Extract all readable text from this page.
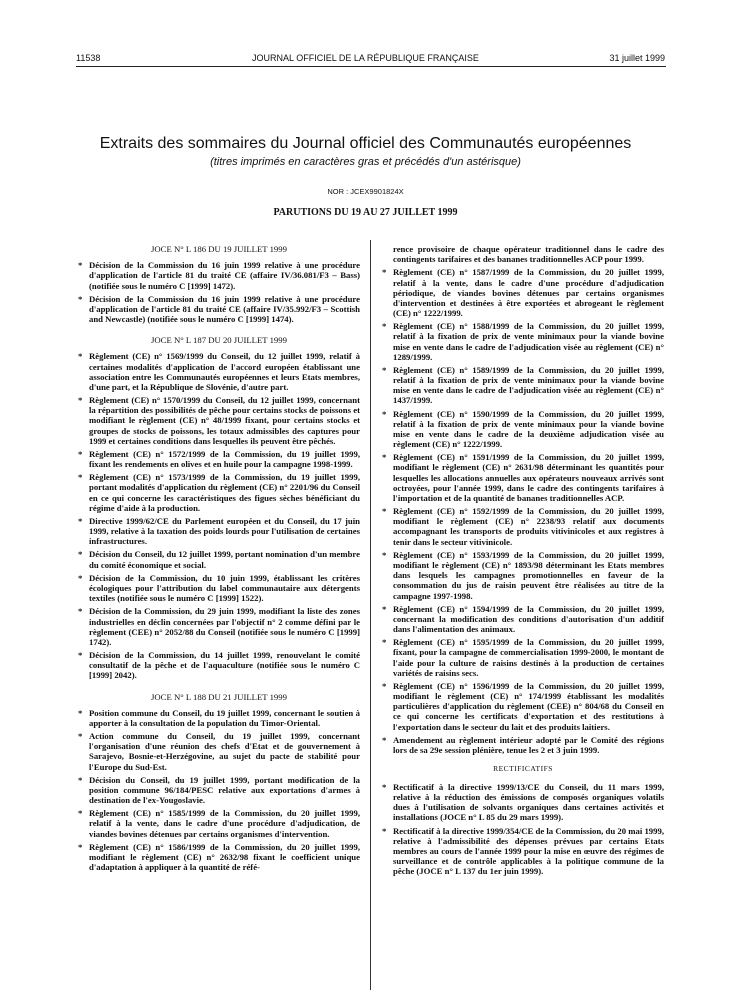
11538	JOURNAL OFFICIEL DE LA RÉPUBLIQUE FRANÇAISE	31 juillet 1999
Extraits des sommaires du Journal officiel des Communautés européennes
(titres imprimés en caractères gras et précédés d'un astérisque)
NOR : JCEX9901824X
PARUTIONS DU 19 AU 27 JUILLET 1999
JOCE N° L 186 DU 19 JUILLET 1999
* Décision de la Commission du 16 juin 1999 relative à une procédure d'application de l'article 81 du traité CE (affaire IV/36.081/F3 – Bass) (notifiée sous le numéro C [1999] 1472).
* Décision de la Commission du 16 juin 1999 relative à une procédure d'application de l'article 81 du traité CE (affaire IV/35.992/F3 – Scottish and Newcastle) (notifiée sous le numéro C [1999] 1474).
JOCE N° L 187 DU 20 JUILLET 1999
* Règlement (CE) n° 1569/1999 du Conseil, du 12 juillet 1999, relatif à certaines modalités d'application de l'accord européen établissant une association entre les Communautés européennes et leurs Etats membres, d'une part, et la République de Slovénie, d'autre part.
* Règlement (CE) n° 1570/1999 du Conseil, du 12 juillet 1999, concernant la répartition des possibilités de pêche pour certains stocks de poissons et modifiant le règlement (CE) n° 48/1999 fixant, pour certains stocks et groupes de stocks de poissons, les totaux admissibles des captures pour 1999 et certaines conditions dans lesquelles ils peuvent être pêchés.
* Règlement (CE) n° 1572/1999 de la Commission, du 19 juillet 1999, fixant les rendements en olives et en huile pour la campagne 1998-1999.
* Règlement (CE) n° 1573/1999 de la Commission, du 19 juillet 1999, portant modalités d'application du règlement (CE) n° 2201/96 du Conseil en ce qui concerne les caractéristiques des figues sèches bénéficiant du régime d'aide à la production.
* Directive 1999/62/CE du Parlement européen et du Conseil, du 17 juin 1999, relative à la taxation des poids lourds pour l'utilisation de certaines infrastructures.
* Décision du Conseil, du 12 juillet 1999, portant nomination d'un membre du comité économique et social.
* Décision de la Commission, du 10 juin 1999, établissant les critères écologiques pour l'attribution du label communautaire aux détergents textiles (notifiée sous le numéro C [1999] 1522).
* Décision de la Commission, du 29 juin 1999, modifiant la liste des zones industrielles en déclin concernées par l'objectif n° 2 comme défini par le règlement (CEE) n° 2052/88 du Conseil (notifiée sous le numéro C [1999] 1742).
* Décision de la Commission, du 14 juillet 1999, renouvelant le comité consultatif de la pêche et de l'aquaculture (notifiée sous le numéro C [1999] 2042).
JOCE N° L 188 DU 21 JUILLET 1999
* Position commune du Conseil, du 19 juillet 1999, concernant le soutien à apporter à la consultation de la population du Timor-Oriental.
* Action commune du Conseil, du 19 juillet 1999, concernant l'organisation d'une réunion des chefs d'Etat et de gouvernement à Sarajevo, Bosnie-et-Herzégovine, au sujet du pacte de stabilité pour l'Europe du Sud-Est.
* Décision du Conseil, du 19 juillet 1999, portant modification de la position commune 96/184/PESC relative aux exportations d'armes à destination de l'ex-Yougoslavie.
* Règlement (CE) n° 1585/1999 de la Commission, du 20 juillet 1999, relatif à la vente, dans le cadre d'une procédure d'adjudication, de viandes bovines détenues par certains organismes d'intervention.
* Règlement (CE) n° 1586/1999 de la Commission, du 20 juillet 1999, modifiant le règlement (CE) n° 2632/98 fixant le coefficient unique d'adaptation à appliquer à la quantité de réfé-
rence provisoire de chaque opérateur traditionnel dans le cadre des contingents tarifaires et des bananes traditionnelles ACP pour 1999.
* Règlement (CE) n° 1587/1999 de la Commission, du 20 juillet 1999, relatif à la vente, dans le cadre d'une procédure d'adjudication périodique, de viandes bovines détenues par certains organismes d'intervention et destinées à être exportées et abrogeant le règlement (CE) n° 1222/1999.
* Règlement (CE) n° 1588/1999 de la Commission, du 20 juillet 1999, relatif à la fixation de prix de vente minimaux pour la viande bovine mise en vente dans le cadre de l'adjudication visée au règlement (CE) n° 1289/1999.
* Règlement (CE) n° 1589/1999 de la Commission, du 20 juillet 1999, relatif à la fixation de prix de vente minimaux pour la viande bovine mise en vente dans le cadre de l'adjudication visée au règlement (CE) n° 1437/1999.
* Règlement (CE) n° 1590/1999 de la Commission, du 20 juillet 1999, relatif à la fixation de prix de vente minimaux pour la viande bovine mise en vente dans le cadre de la deuxième adjudication visée au règlement (CE) n° 1222/1999.
* Règlement (CE) n° 1591/1999 de la Commission, du 20 juillet 1999, modifiant le règlement (CE) n° 2631/98 déterminant les quantités pour lesquelles les allocations annuelles aux opérateurs nouveaux arrivés sont octroyées, pour l'année 1999, dans le cadre des contingents tarifaires à l'importation et de la quantité de bananes traditionnelles ACP.
* Règlement (CE) n° 1592/1999 de la Commission, du 20 juillet 1999, modifiant le règlement (CE) n° 2238/93 relatif aux documents accompagnant les transports de produits vitivinicoles et aux registres à tenir dans le secteur vitivinicole.
* Règlement (CE) n° 1593/1999 de la Commission, du 20 juillet 1999, modifiant le règlement (CE) n° 1893/98 déterminant les Etats membres dans lesquels les campagnes promotionnelles en faveur de la consommation du jus de raisin peuvent être réalisées au titre de la campagne 1997-1998.
* Règlement (CE) n° 1594/1999 de la Commission, du 20 juillet 1999, concernant la modification des conditions d'autorisation d'un additif dans l'alimentation des animaux.
* Règlement (CE) n° 1595/1999 de la Commission, du 20 juillet 1999, fixant, pour la campagne de commercialisation 1999-2000, le montant de l'aide pour la culture de raisins destinés à la production de certaines variétés de raisins secs.
* Règlement (CE) n° 1596/1999 de la Commission, du 20 juillet 1999, modifiant le règlement (CE) n° 174/1999 établissant les modalités particulières d'application du règlement (CEE) n° 804/68 du Conseil en ce qui concerne les certificats d'exportation et des restitutions à l'exportation dans le secteur du lait et des produits laitiers.
* Amendement au règlement intérieur adopté par le Comité des régions lors de sa 29e session plénière, tenue les 2 et 3 juin 1999.
RECTIFICATIFS
* Rectificatif à la directive 1999/13/CE du Conseil, du 11 mars 1999, relative à la réduction des émissions de composés organiques volatils dues à l'utilisation de solvants organiques dans certaines activités et installations (JOCE n° L 85 du 29 mars 1999).
* Rectificatif à la directive 1999/354/CE de la Commission, du 20 mai 1999, relative à l'admissibilité des dépenses prévues par certains Etats membres au cours de l'année 1999 pour la mise en œuvre des régimes de surveillance et de contrôle applicables à la politique commune de la pêche (JOCE n° L 137 du 1er juin 1999).
